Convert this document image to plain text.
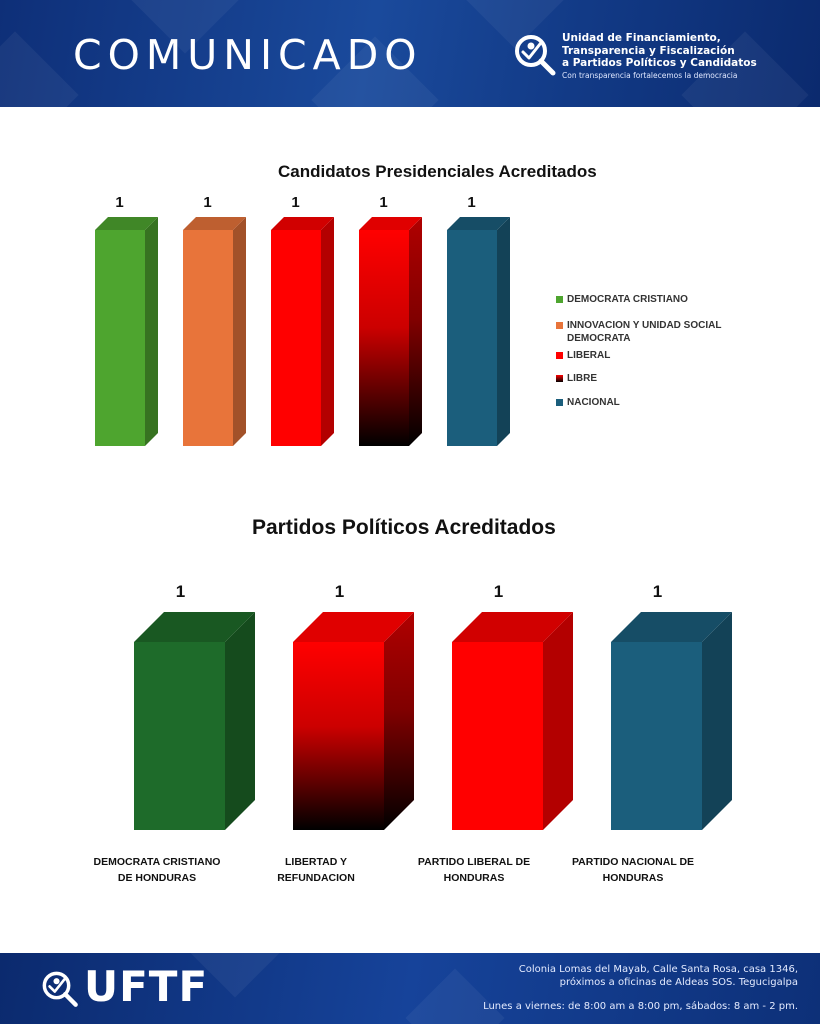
COMUNICADO	Unidad de Financiamiento,
Transparencia y Fiscalización
a Partidos Políticos y Candidatos
Con transparencia fortalecemos la democracia
Candidatos Presidenciales Acreditados
1	1	1	1	1
DEMOCRATA CRISTIANO
INNOVACION Y UNIDAD SOCIAL DEMOCRATA
LIBERAL
LIBRE
NACIONAL
Partidos Políticos Acreditados
1	1	1	1
DEMOCRATA CRISTIANO
DE HONDURAS
LIBERTAD Y
REFUNDACION
PARTIDO LIBERAL DE
HONDURAS
PARTIDO NACIONAL DE
HONDURAS
UFTF	Colonia Lomas del Mayab, Calle Santa Rosa, casa 1346,
próximos a oficinas de Aldeas SOS. Tegucigalpa
Lunes a viernes: de 8:00 am a 8:00 pm, sábados: 8 am - 2 pm.
